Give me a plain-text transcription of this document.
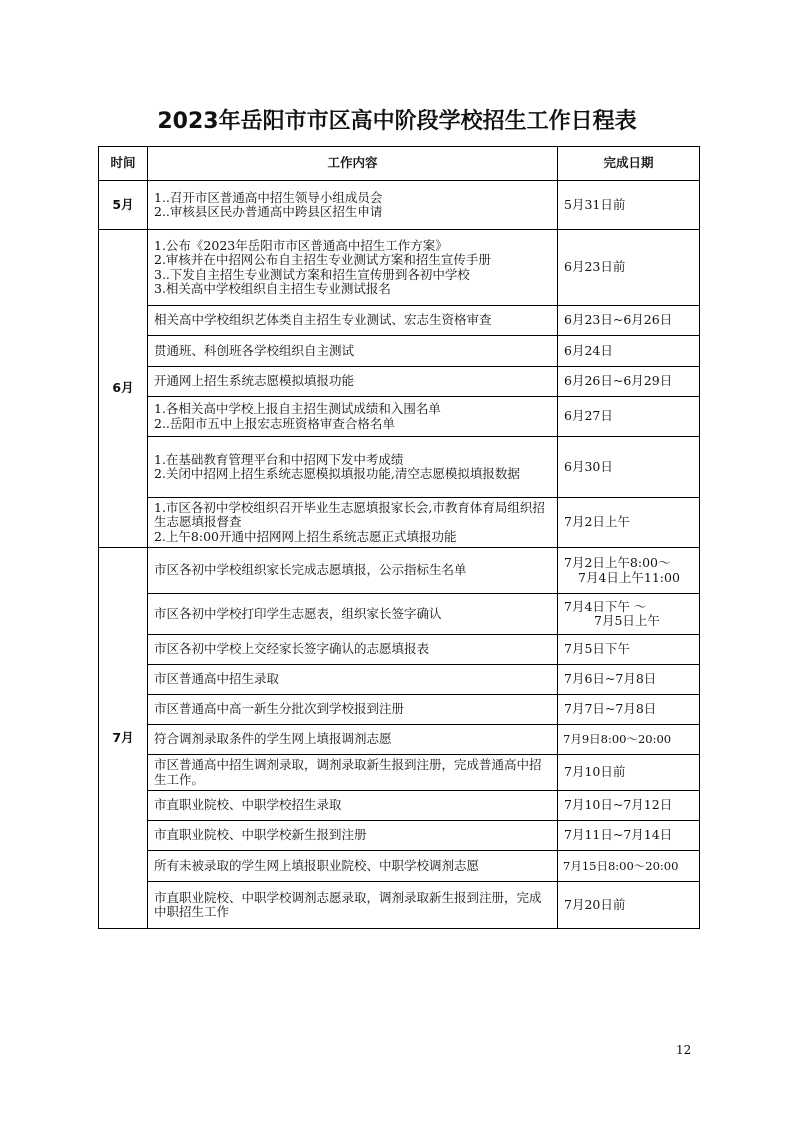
2023年岳阳市市区高中阶段学校招生工作日程表
时间	工作内容	完成日期
5月	1..召开市区普通高中招生领导小组成员会
2..审核县区民办普通高中跨县区招生申请	5月31日前
6月	1.公布《2023年岳阳市市区普通高中招生工作方案》
2.审核并在中招网公布自主招生专业测试方案和招生宣传手册
3..下发自主招生专业测试方案和招生宣传册到各初中学校
3.相关高中学校组织自主招生专业测试报名	6月23日前

	相关高中学校组织艺体类自主招生专业测试、宏志生资格审查	6月23日~6月26日

	贯通班、科创班各学校组织自主测试	6月24日

	开通网上招生系统志愿模拟填报功能	6月26日~6月29日

	1.各相关高中学校上报自主招生测试成绩和入围名单
2..岳阳市五中上报宏志班资格审查合格名单	6月27日

	1.在基础教育管理平台和中招网下发中考成绩
2.关闭中招网上招生系统志愿模拟填报功能,清空志愿模拟填报数据	6月30日

	1.市区各初中学校组织召开毕业生志愿填报家长会,市教育体育局组织招生志愿填报督查
2.上午8:00开通中招网网上招生系统志愿正式填报功能	7月2日上午
7月	市区各初中学校组织家长完成志愿填报，公示指标生名单	7月2日上午8:00～
7月4日上午11:00

	市区各初中学校打印学生志愿表，组织家长签字确认	7月4日下午 ～
7月5日上午

	市区各初中学校上交经家长签字确认的志愿填报表	7月5日下午

	市区普通高中招生录取	7月6日~7月8日

	市区普通高中高一新生分批次到学校报到注册	7月7日~7月8日

	符合调剂录取条件的学生网上填报调剂志愿	7月9日8:00～20:00

	市区普通高中招生调剂录取，调剂录取新生报到注册，完成普通高中招生工作。	7月10日前

	市直职业院校、中职学校招生录取	7月10日~7月12日

	市直职业院校、中职学校新生报到注册	7月11日~7月14日

	所有未被录取的学生网上填报职业院校、中职学校调剂志愿	7月15日8:00～20:00

	市直职业院校、中职学校调剂志愿录取，调剂录取新生报到注册，完成中职招生工作	7月20日前
12
